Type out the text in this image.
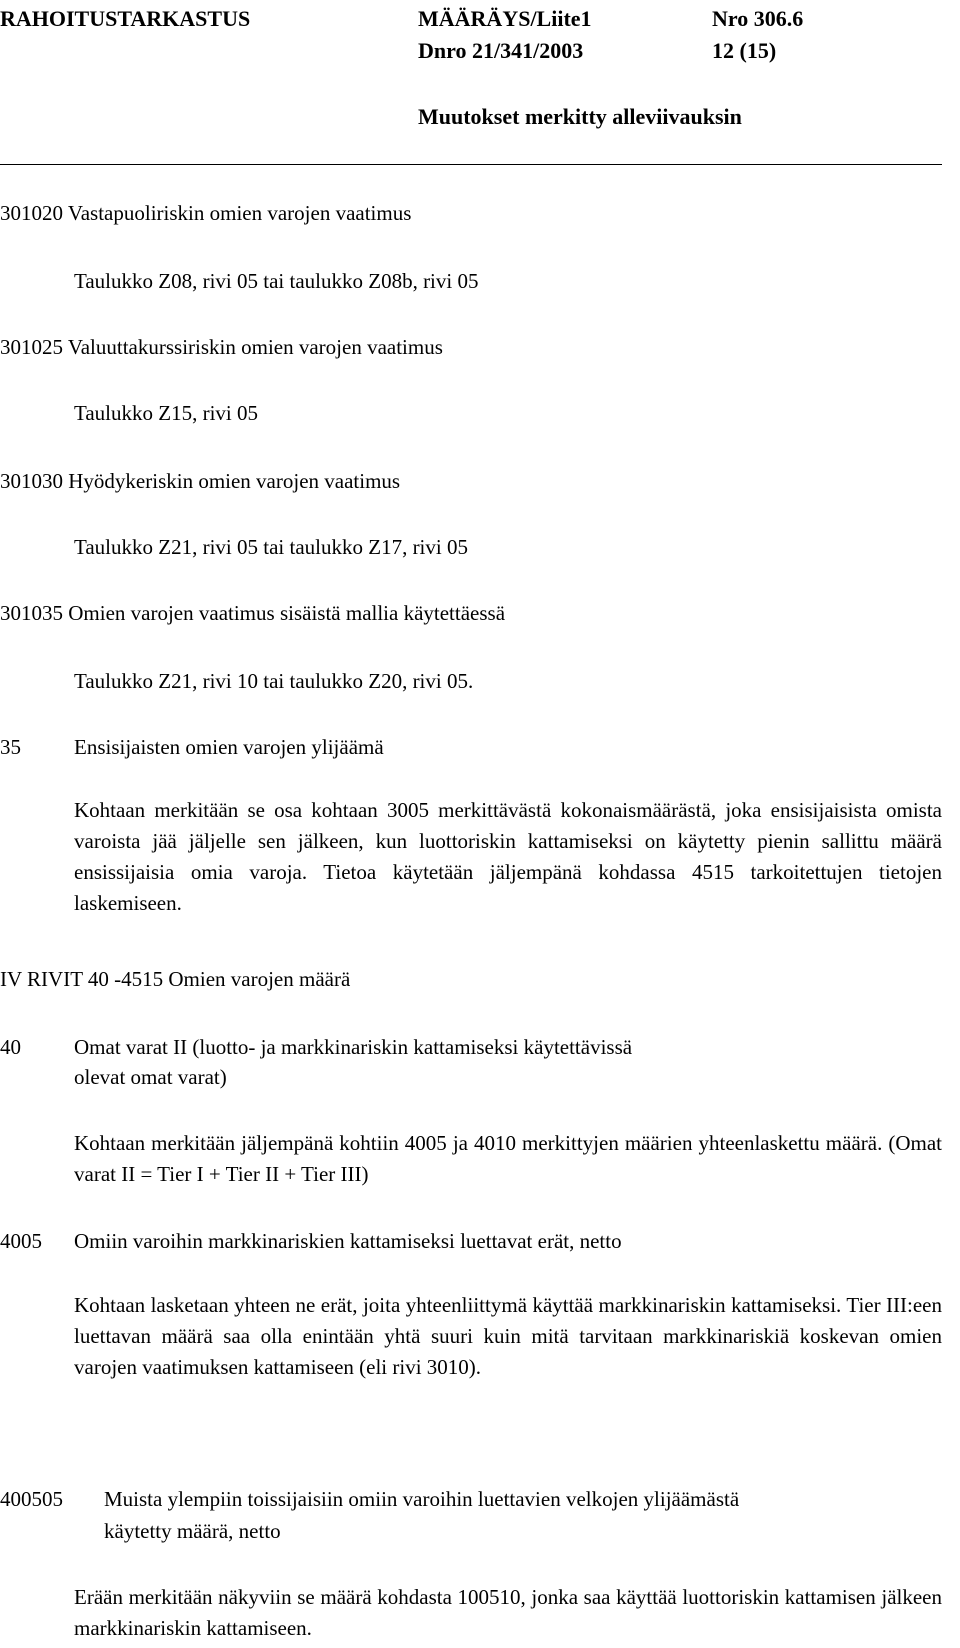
RAHOITUSTARKASTUS	MÄÄRÄYS/Liite1	Nro 306.6
Dnro 21/341/2003	12 (15)
Muutokset merkitty alleviivauksin
301020 Vastapuoliriskin omien varojen vaatimus
Taulukko Z08, rivi 05 tai taulukko Z08b, rivi 05
301025 Valuuttakurssiriskin omien varojen vaatimus
Taulukko Z15, rivi 05
301030 Hyödykeriskin omien varojen vaatimus
Taulukko Z21, rivi 05 tai taulukko Z17, rivi 05
301035 Omien varojen vaatimus sisäistä mallia käytettäessä
Taulukko Z21, rivi 10 tai taulukko Z20, rivi 05.
35	Ensisijaisten omien varojen ylijäämä
Kohtaan merkitään se osa kohtaan 3005 merkittävästä kokonaismäärästä, joka ensisijaisista omista varoista jää jäljelle sen jälkeen, kun luottoriskin kattamiseksi on käytetty pienin sallittu määrä ensissijaisia omia varoja. Tietoa käytetään jäljempänä kohdassa 4515 tarkoitettujen tietojen laskemiseen.
IV RIVIT 40 -4515 Omien varojen määrä
40	Omat varat II (luotto- ja markkinariskin kattamiseksi käytettävissä
olevat omat varat)
Kohtaan merkitään jäljempänä kohtiin 4005 ja 4010 merkittyjen määrien yhteenlaskettu määrä. (Omat varat II = Tier I + Tier II + Tier III)
4005 Omiin varoihin markkinariskien kattamiseksi luettavat erät, netto
Kohtaan lasketaan yhteen ne erät, joita yhteenliittymä käyttää markkinariskin kattamiseksi. Tier III:een luettavan määrä saa olla enintään yhtä suuri kuin mitä tarvitaan markkinariskiä koskevan omien varojen vaatimuksen kattamiseen (eli rivi 3010).
400505 Muista ylempiin toissijaisiin omiin varoihin luettavien velkojen ylijäämästä
käytetty määrä, netto
Erään merkitään näkyviin se määrä kohdasta 100510, jonka saa käyttää luottoriskin kattamisen jälkeen markkinariskin kattamiseen.
